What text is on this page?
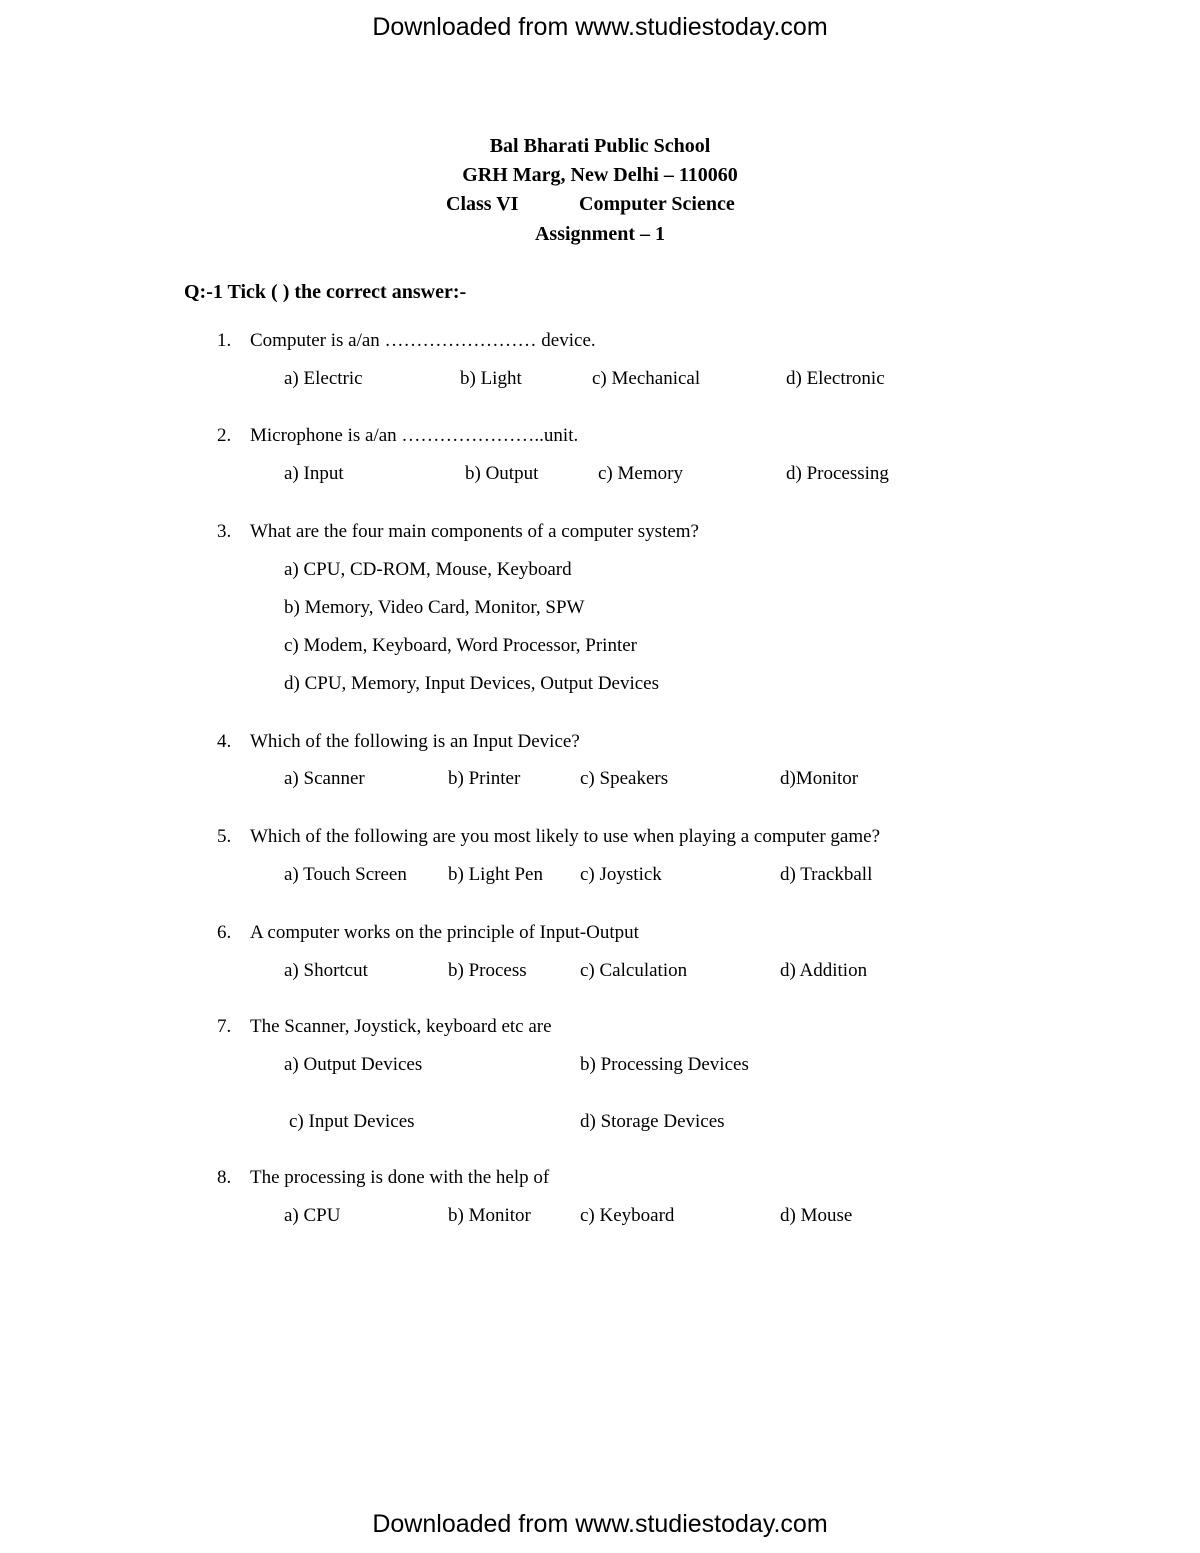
Downloaded from www.studiestoday.com
Bal Bharati Public School
GRH Marg, New Delhi – 110060
Class VI	Computer Science
Assignment – 1
Q:-1 Tick ( ) the correct answer:-
1. Computer is a/an …………………… device.
a) Electric	b) Light	c) Mechanical	d) Electronic
2. Microphone is a/an …………………..unit.
a) Input	b) Output	c) Memory	d) Processing
3. What are the four main components of a computer system?
a) CPU, CD-ROM, Mouse, Keyboard
b) Memory, Video Card, Monitor, SPW
c) Modem, Keyboard, Word Processor, Printer
d) CPU, Memory, Input Devices, Output Devices
4. Which of the following is an Input Device?
a) Scanner	b) Printer	c) Speakers	d)Monitor
5. Which of the following are you most likely to use when playing a computer game?
a) Touch Screen b) Light Pen c) Joystick	d) Trackball
6. A computer works on the principle of Input-Output
a) Shortcut	b) Process	c) Calculation	d) Addition
7. The Scanner, Joystick, keyboard etc are
a) Output Devices	b) Processing Devices
c) Input Devices	d) Storage Devices
8. The processing is done with the help of
a) CPU	b) Monitor	c) Keyboard	d) Mouse
Downloaded from www.studiestoday.com
